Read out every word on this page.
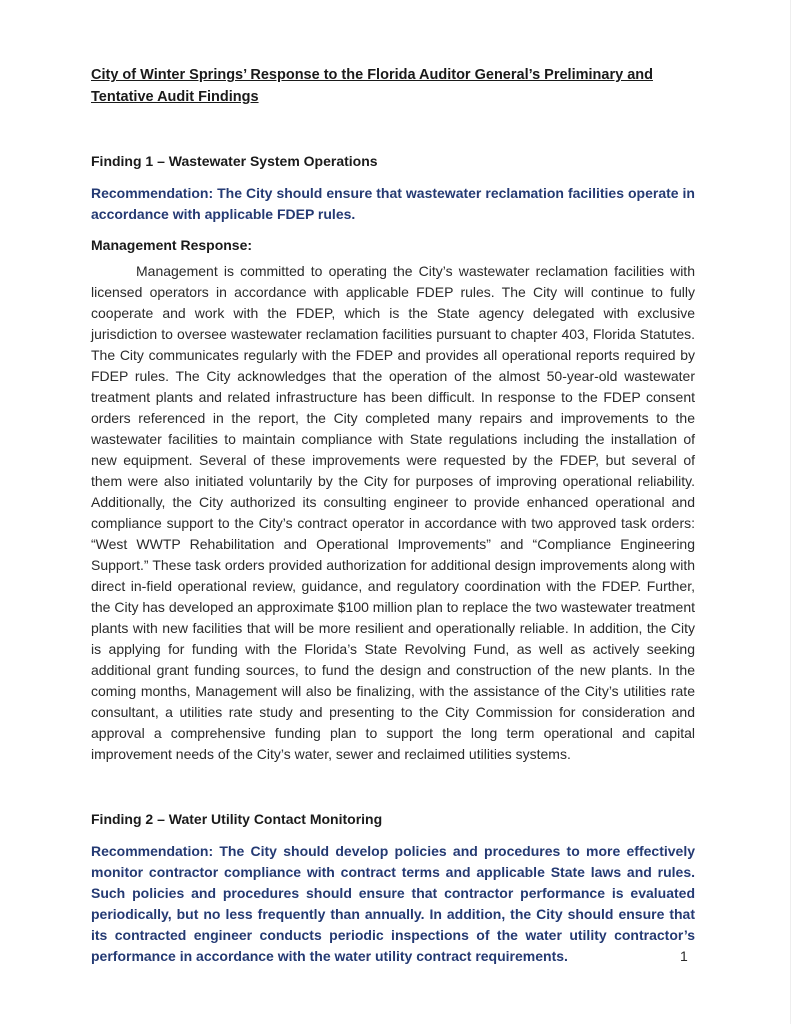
City of Winter Springs’ Response to the Florida Auditor General’s Preliminary and Tentative Audit Findings

Finding 1 – Wastewater System Operations

Recommendation: The City should ensure that wastewater reclamation facilities operate in accordance with applicable FDEP rules.

Management Response:

Management is committed to operating the City’s wastewater reclamation facilities with licensed operators in accordance with applicable FDEP rules. The City will continue to fully cooperate and work with the FDEP, which is the State agency delegated with exclusive jurisdiction to oversee wastewater reclamation facilities pursuant to chapter 403, Florida Statutes. The City communicates regularly with the FDEP and provides all operational reports required by FDEP rules. The City acknowledges that the operation of the almost 50-year-old wastewater treatment plants and related infrastructure has been difficult. In response to the FDEP consent orders referenced in the report, the City completed many repairs and improvements to the wastewater facilities to maintain compliance with State regulations including the installation of new equipment. Several of these improvements were requested by the FDEP, but several of them were also initiated voluntarily by the City for purposes of improving operational reliability. Additionally, the City authorized its consulting engineer to provide enhanced operational and compliance support to the City’s contract operator in accordance with two approved task orders: “West WWTP Rehabilitation and Operational Improvements” and “Compliance Engineering Support.” These task orders provided authorization for additional design improvements along with direct in-field operational review, guidance, and regulatory coordination with the FDEP. Further, the City has developed an approximate $100 million plan to replace the two wastewater treatment plants with new facilities that will be more resilient and operationally reliable. In addition, the City is applying for funding with the Florida’s State Revolving Fund, as well as actively seeking additional grant funding sources, to fund the design and construction of the new plants. In the coming months, Management will also be finalizing, with the assistance of the City’s utilities rate consultant, a utilities rate study and presenting to the City Commission for consideration and approval a comprehensive funding plan to support the long term operational and capital improvement needs of the City’s water, sewer and reclaimed utilities systems.

Finding 2 – Water Utility Contact Monitoring

Recommendation: The City should develop policies and procedures to more effectively monitor contractor compliance with contract terms and applicable State laws and rules. Such policies and procedures should ensure that contractor performance is evaluated periodically, but no less frequently than annually. In addition, the City should ensure that its contracted engineer conducts periodic inspections of the water utility contractor’s performance in accordance with the water utility contract requirements.	1
